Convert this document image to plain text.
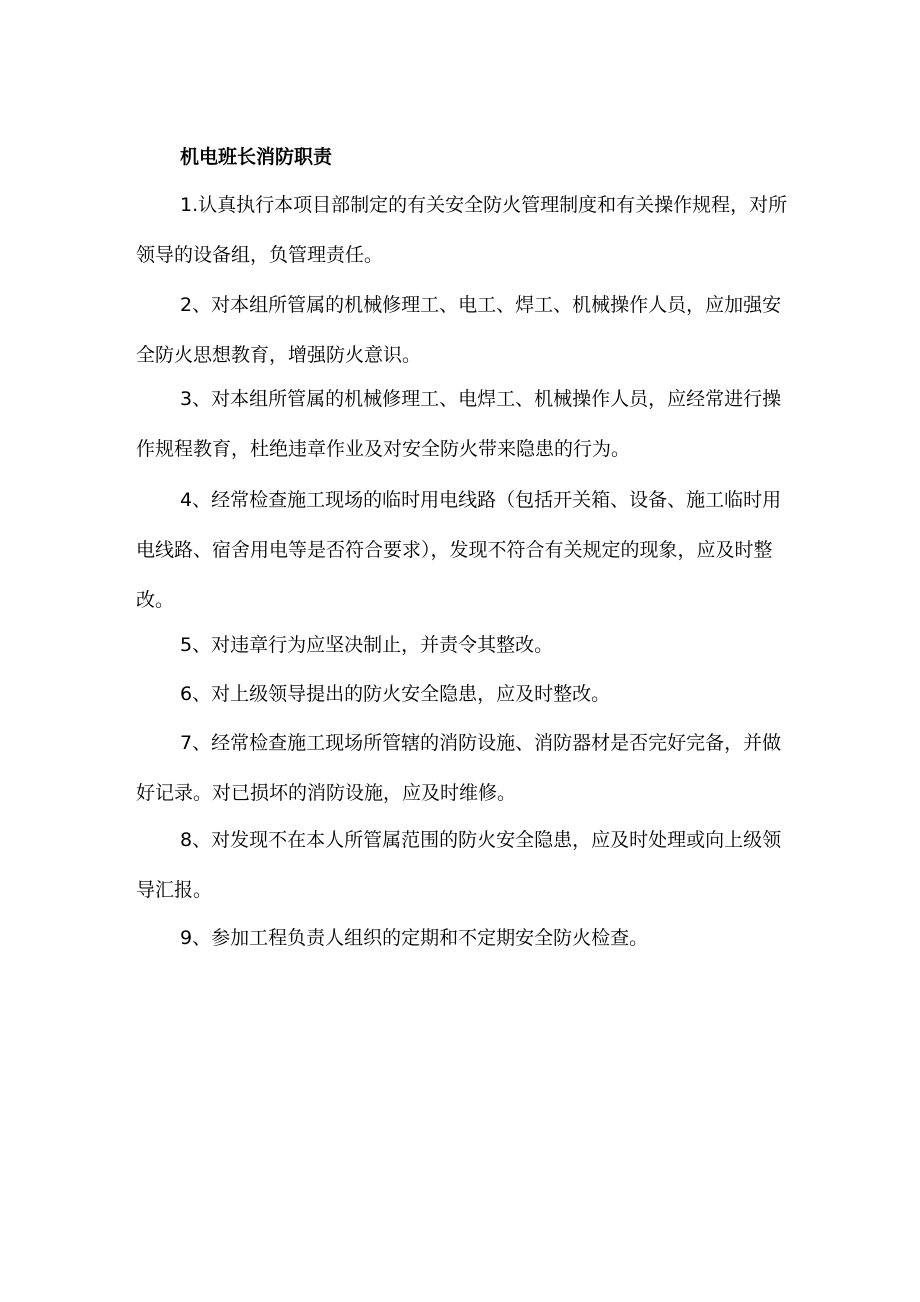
机电班长消防职责

1.认真执行本项目部制定的有关安全防火管理制度和有关操作规程，对所领导的设备组，负管理责任。

2、对本组所管属的机械修理工、电工、焊工、机械操作人员，应加强安全防火思想教育，增强防火意识。

3、对本组所管属的机械修理工、电焊工、机械操作人员，应经常进行操作规程教育，杜绝违章作业及对安全防火带来隐患的行为。

4、经常检查施工现场的临时用电线路（包括开关箱、设备、施工临时用电线路、宿舍用电等是否符合要求），发现不符合有关规定的现象，应及时整改。

5、对违章行为应坚决制止，并责令其整改。

6、对上级领导提出的防火安全隐患，应及时整改。

7、经常检查施工现场所管辖的消防设施、消防器材是否完好完备，并做好记录。对已损坏的消防设施，应及时维修。

8、对发现不在本人所管属范围的防火安全隐患，应及时处理或向上级领导汇报。

9、参加工程负责人组织的定期和不定期安全防火检查。
